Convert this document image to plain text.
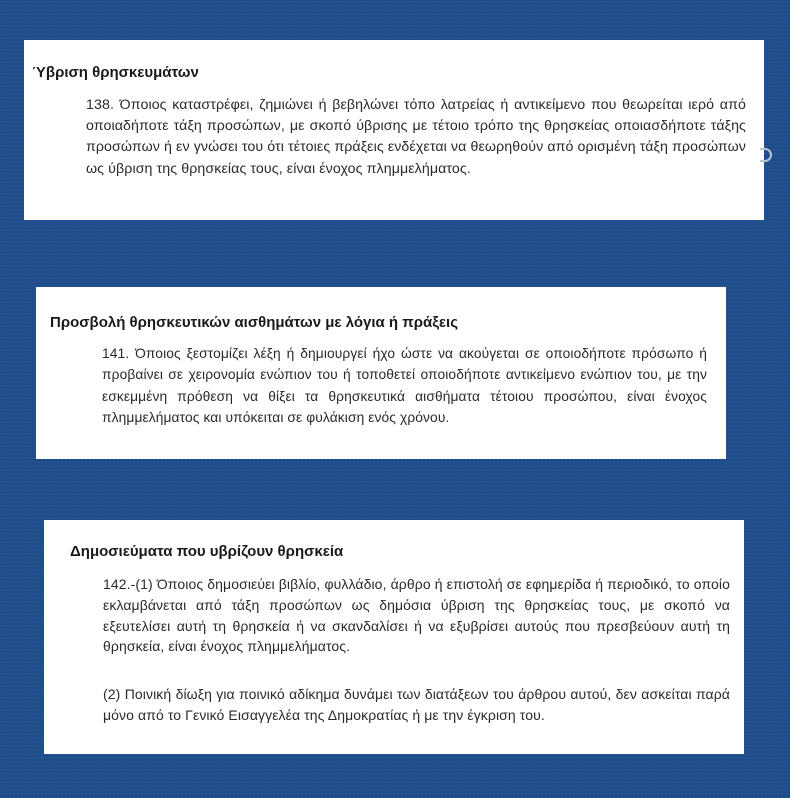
Ύβριση θρησκευμάτων

138. Όποιος καταστρέφει, ζημιώνει ή βεβηλώνει τόπο λατρείας ή αντικείμενο που θεωρείται ιερό από οποιαδήποτε τάξη προσώπων, με σκοπό ύβρισης με τέτοιο τρόπο της θρησκείας οποιασδήποτε τάξης προσώπων ή εν γνώσει του ότι τέτοιες πράξεις ενδέχεται να θεωρηθούν από ορισμένη τάξη προσώπων ως ύβριση της θρησκείας τους, είναι ένοχος πλημμελήματος.

Προσβολή θρησκευτικών αισθημάτων με λόγια ή πράξεις

141. Όποιος ξεστομίζει λέξη ή δημιουργεί ήχο ώστε να ακούγεται σε οποιοδήποτε πρόσωπο ή προβαίνει σε χειρονομία ενώπιον του ή τοποθετεί οποιοδήποτε αντικείμενο ενώπιον του, με την εσκεμμένη πρόθεση να θίξει τα θρησκευτικά αισθήματα τέτοιου προσώπου, είναι ένοχος πλημμελήματος και υπόκειται σε φυλάκιση ενός χρόνου.

Δημοσιεύματα που υβρίζουν θρησκεία

142.-(1) Όποιος δημοσιεύει βιβλίο, φυλλάδιο, άρθρο ή επιστολή σε εφημερίδα ή περιοδικό, το οποίο εκλαμβάνεται από τάξη προσώπων ως δημόσια ύβριση της θρησκείας τους, με σκοπό να εξευτελίσει αυτή τη θρησκεία ή να σκανδαλίσει ή να εξυβρίσει αυτούς που πρεσβεύουν αυτή τη θρησκεία, είναι ένοχος πλημμελήματος.

(2) Ποινική δίωξη για ποινικό αδίκημα δυνάμει των διατάξεων του άρθρου αυτού, δεν ασκείται παρά μόνο από το Γενικό Εισαγγελέα της Δημοκρατίας ή με την έγκριση του.
